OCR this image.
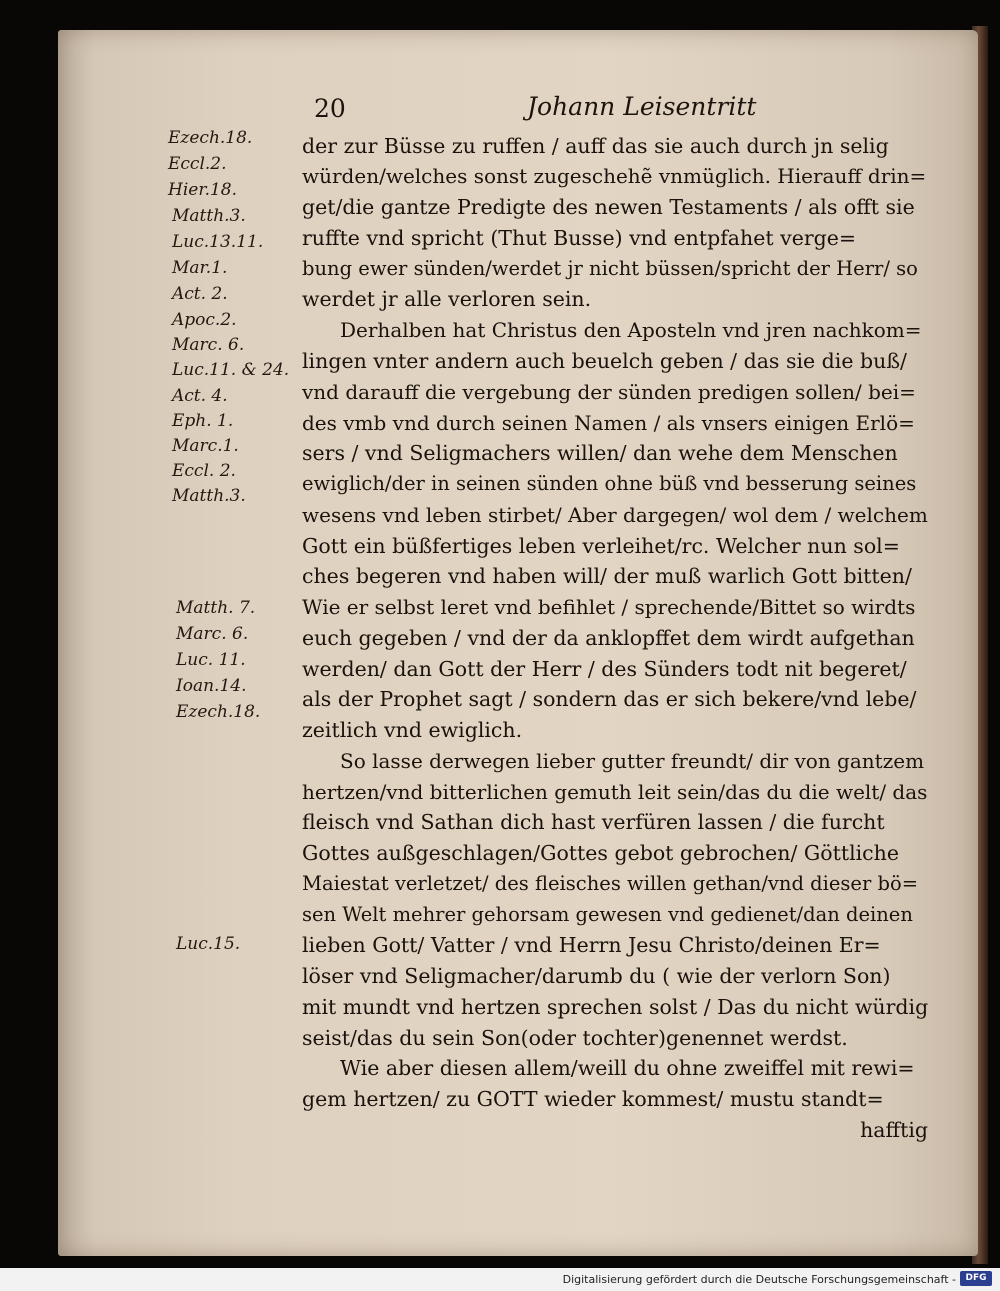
20	Johann Leisentritt
Ezech.18.
Eccl.2.
Hier.18.
Matth.3.
Luc.13.11.
Mar.1.
Act. 2.
Apoc.2.
Marc. 6.
Luc.11. & 24.
Act. 4.
Eph. 1.
Marc.1.
Eccl. 2.
Matth.3.
Matth. 7.
Marc. 6.
Luc. 11.
Ioan.14.
Ezech.18.
Luc.15.
der zur Büsse zu ruffen / auff das sie auch durch jn selig
würden/welches sonst zugeschehẽ vnmüglich. Hierauff drin=
get/die gantze Predigte des newen Testaments / als offt sie
ruffte vnd spricht (Thut Busse) vnd entpfahet verge=
bung ewer sünden/werdet jr nicht büssen/spricht der Herr/ so
werdet jr alle verloren sein.
Derhalben hat Christus den Aposteln vnd jren nachkom=
lingen vnter andern auch beuelch geben / das sie die buß/
vnd darauff die vergebung der sünden predigen sollen/ bei=
des vmb vnd durch seinen Namen / als vnsers einigen Erlö=
sers / vnd Seligmachers willen/ dan wehe dem Menschen
ewiglich/der in seinen sünden ohne büß vnd besserung seines
wesens vnd leben stirbet/ Aber dargegen/ wol dem / welchem
Gott ein büßfertiges leben verleihet/rc. Welcher nun sol=
ches begeren vnd haben will/ der muß warlich Gott bitten/
Wie er selbst leret vnd befihlet / sprechende/Bittet so wirdts
euch gegeben / vnd der da anklopffet dem wirdt aufgethan
werden/ dan Gott der Herr / des Sünders todt nit begeret/
als der Prophet sagt / sondern das er sich bekere/vnd lebe/
zeitlich vnd ewiglich.
So lasse derwegen lieber gutter freundt/ dir von gantzem
hertzen/vnd bitterlichen gemuth leit sein/das du die welt/ das
fleisch vnd Sathan dich hast verfüren lassen / die furcht
Gottes außgeschlagen/Gottes gebot gebrochen/ Göttliche
Maiestat verletzet/ des fleisches willen gethan/vnd dieser bö=
sen Welt mehrer gehorsam gewesen vnd gedienet/dan deinen
lieben Gott/ Vatter / vnd Herrn Jesu Christo/deinen Er=
löser vnd Seligmacher/darumb du ( wie der verlorn Son)
mit mundt vnd hertzen sprechen solst / Das du nicht würdig
seist/das du sein Son(oder tochter)genennet werdst.
Wie aber diesen allem/weill du ohne zweiffel mit rewi=
gem hertzen/ zu GOTT wieder kommest/ mustu standt=
hafftig
Digitalisierung gefördert durch die Deutsche Forschungsgemeinschaft -	DFG
